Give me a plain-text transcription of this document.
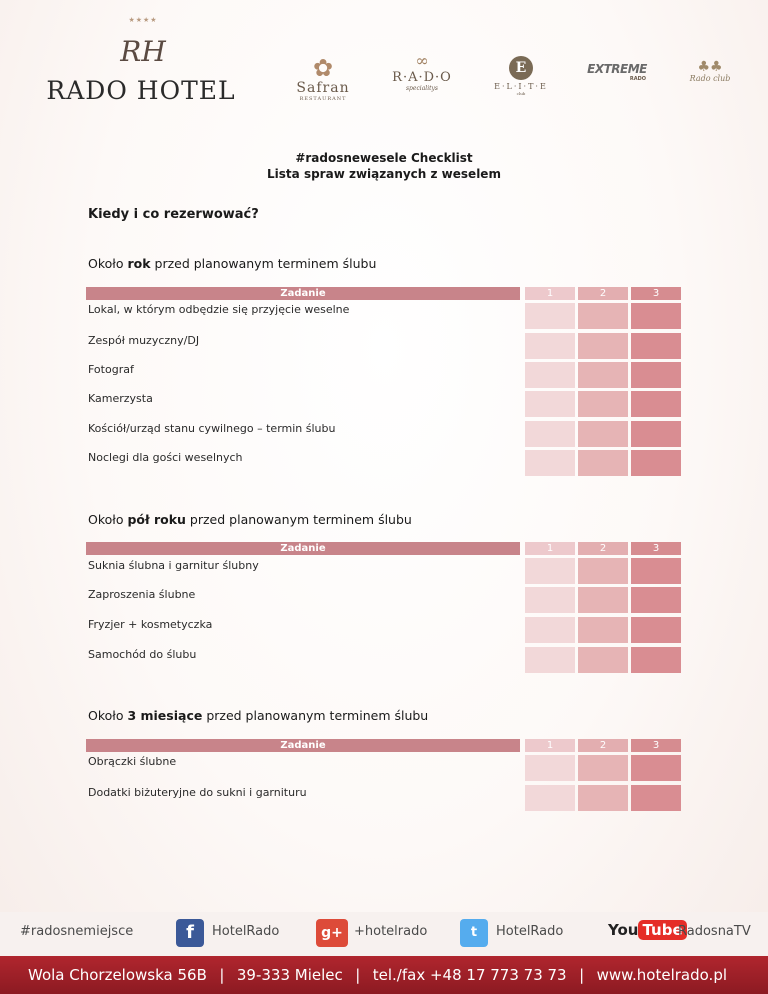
★★★★
RH
RADO HOTEL
✿
Safran
RESTAURANT
∞
R·A·D·O
specialitys
E
E·L·I·T·E
club
EXTREME
RADO
♣♣
Rado club
#radosnewesele Checklist
Lista spraw związanych z weselem
Kiedy i co rezerwować?
Około rok przed planowanym terminem ślubu
Zadanie	1	2	3
Lokal, w którym odbędzie się przyjęcie weselne
Zespół muzyczny/DJ
Fotograf
Kamerzysta
Kościół/urząd stanu cywilnego – termin ślubu
Noclegi dla gości weselnych
Około pół roku przed planowanym terminem ślubu
Zadanie	1	2	3
Suknia ślubna i garnitur ślubny
Zaproszenia ślubne
Fryzjer + kosmetyczka
Samochód do ślubu
Około 3 miesiące przed planowanym terminem ślubu
Zadanie	1	2	3
Obrączki ślubne
Dodatki biżuteryjne do sukni i garnituru
#radosnemiejsce	f	HotelRado	g+ +hotelrado	t	HotelRado	You Tube
RadosnaTV
Wola Chorzelowska 56B | 39-333 Mielec | tel./fax +48 17 773 73 73 | www.hotelrado.pl
